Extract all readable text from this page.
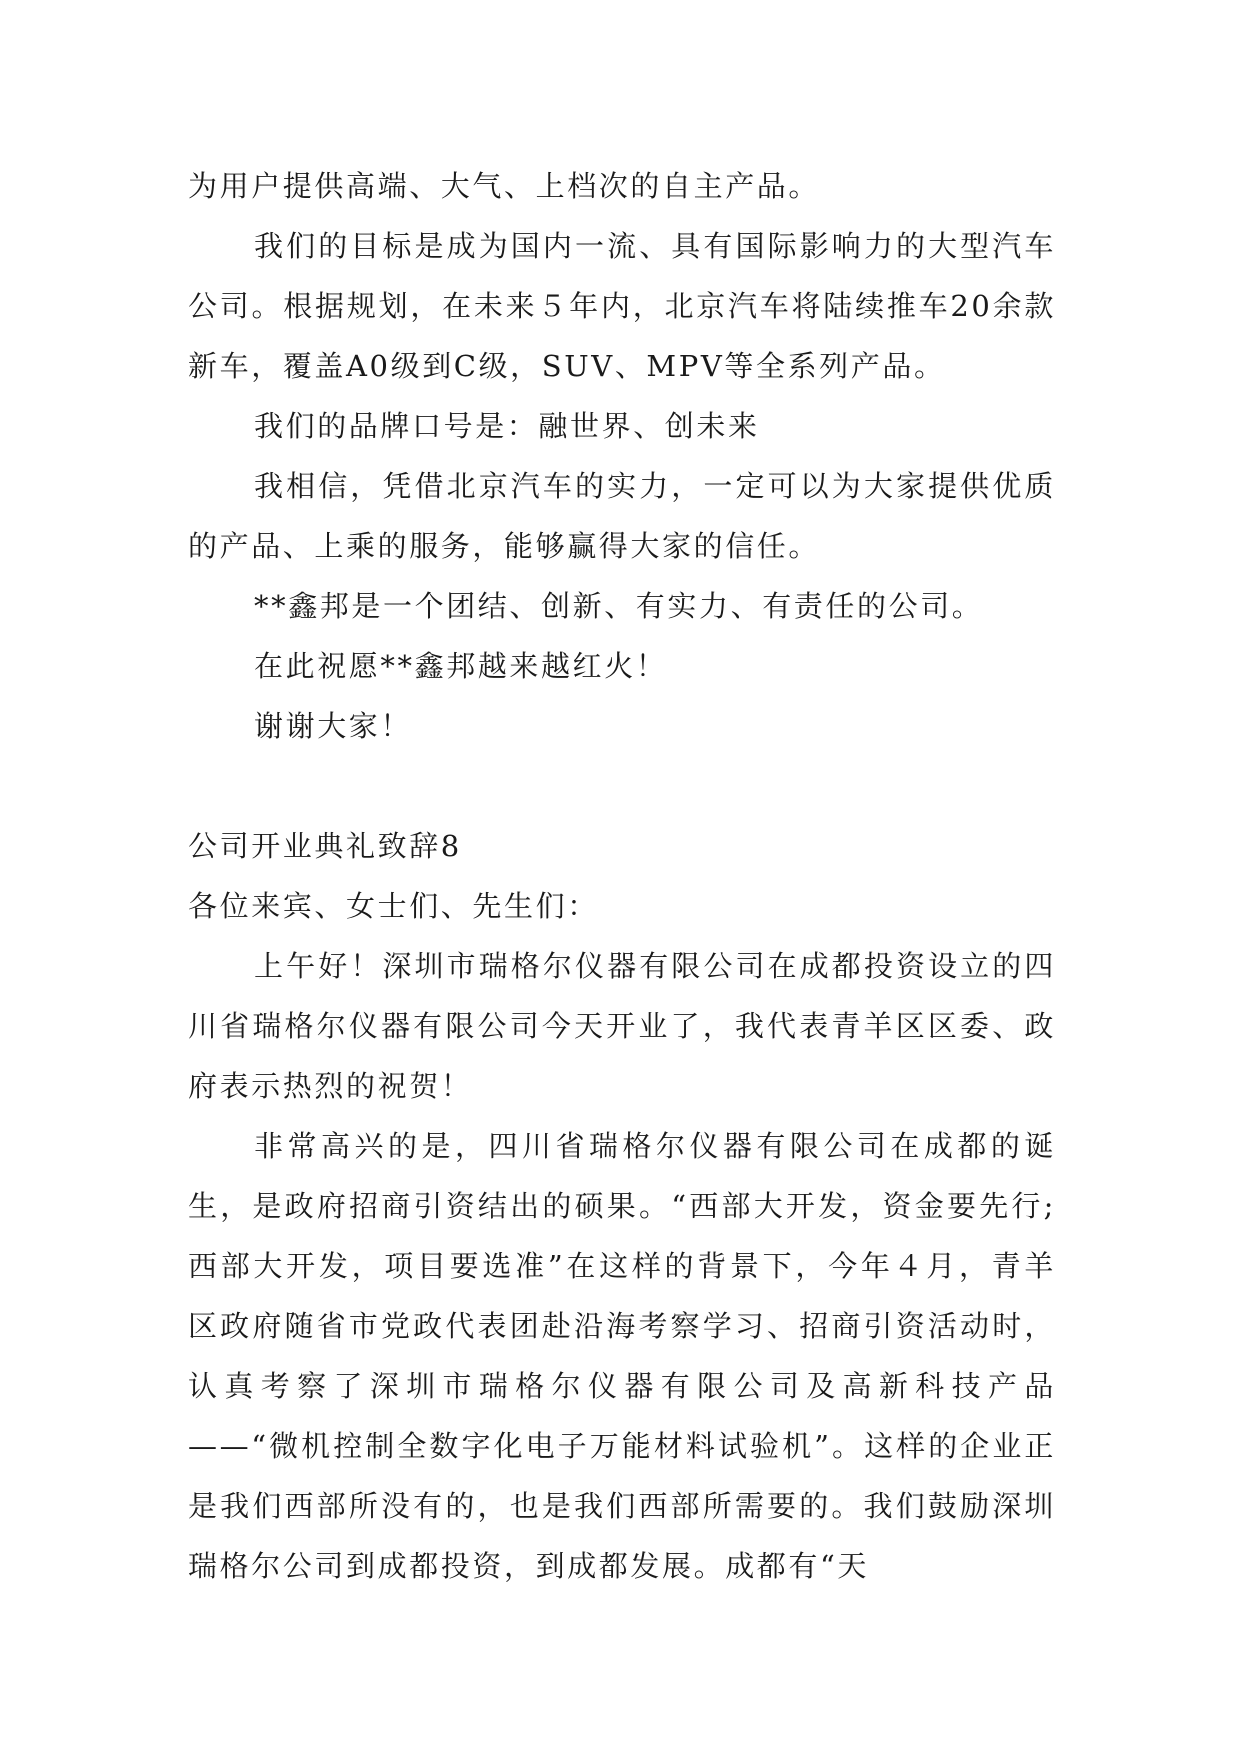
为用户提供高端、大气、上档次的自主产品。

我们的目标是成为国内一流、具有国际影响力的大型汽车公司。根据规划，在未来５年内，北京汽车将陆续推车20余款新车，覆盖A0级到C级，SUV、MPV等全系列产品。

我们的品牌口号是：融世界、创未来

我相信，凭借北京汽车的实力，一定可以为大家提供优质的产品、上乘的服务，能够赢得大家的信任。

**鑫邦是一个团结、创新、有实力、有责任的公司。

在此祝愿**鑫邦越来越红火！

谢谢大家！

公司开业典礼致辞8

各位来宾、女士们、先生们：

上午好！深圳市瑞格尔仪器有限公司在成都投资设立的四川省瑞格尔仪器有限公司今天开业了，我代表青羊区区委、政府表示热烈的祝贺！

非常高兴的是，四川省瑞格尔仪器有限公司在成都的诞生，是政府招商引资结出的硕果。“西部大开发，资金要先行;西部大开发，项目要选准”在这样的背景下，今年４月，青羊区政府随省市党政代表团赴沿海考察学习、招商引资活动时，认真考察了深圳市瑞格尔仪器有限公司及高新科技产品——“微机控制全数字化电子万能材料试验机”。这样的企业正是我们西部所没有的，也是我们西部所需要的。我们鼓励深圳瑞格尔公司到成都投资，到成都发展。成都有“天
